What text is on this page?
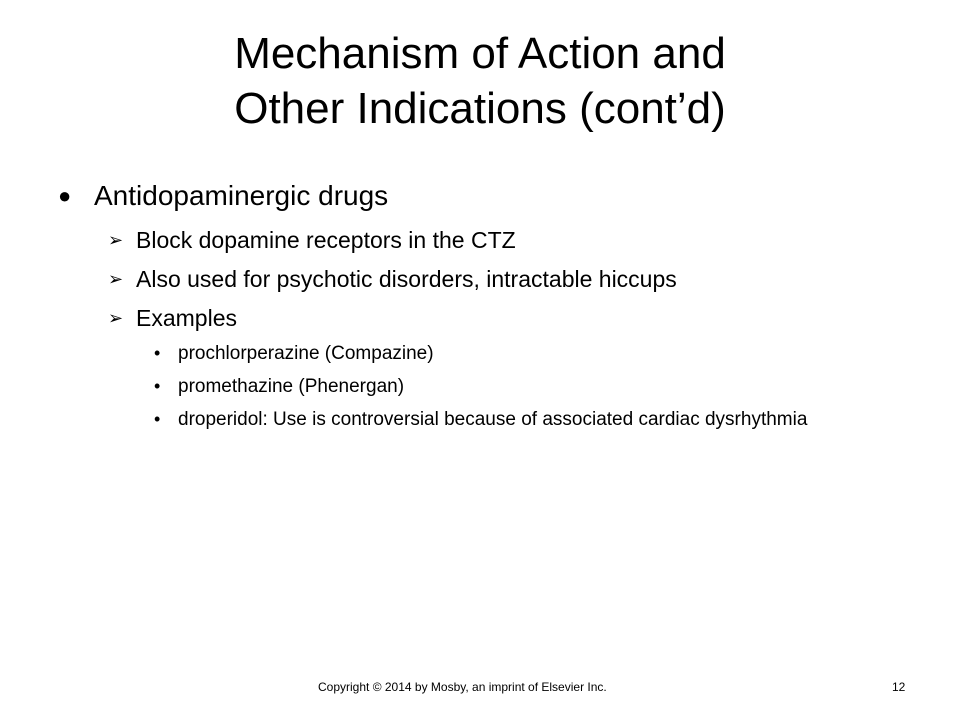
Mechanism of Action and
Other Indications (cont’d)
● Antidopaminergic drugs
➢ Block dopamine receptors in the CTZ
➢ Also used for psychotic disorders, intractable hiccups
➢ Examples
• prochlorperazine (Compazine)
• promethazine (Phenergan)
• droperidol: Use is controversial because of associated cardiac dysrhythmia
Copyright © 2014 by Mosby, an imprint of Elsevier Inc.	12
